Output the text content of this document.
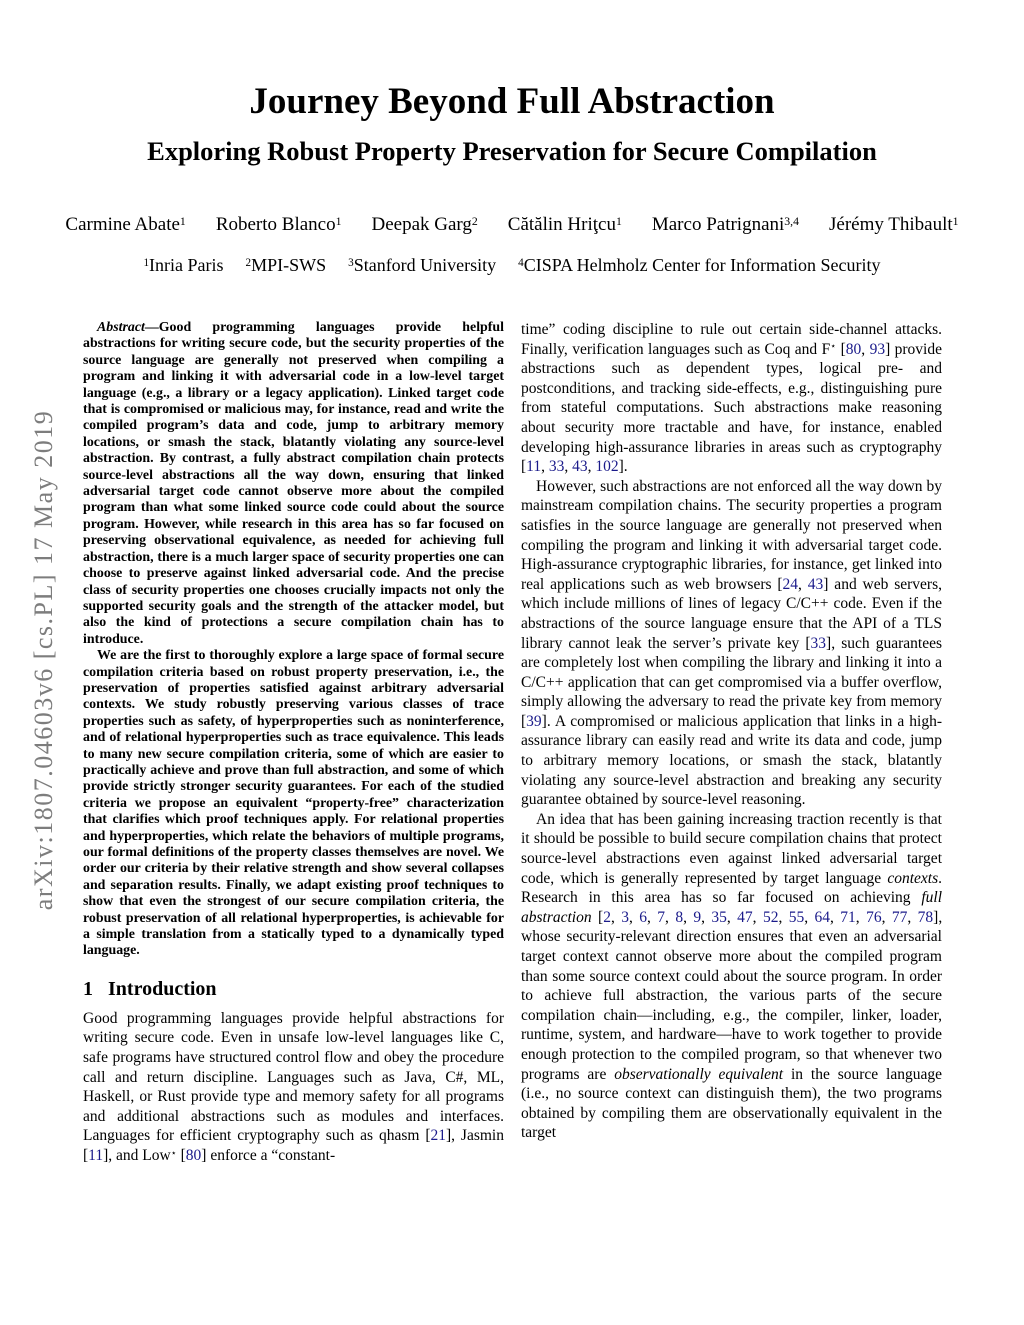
arXiv:1807.04603v6 [cs.PL] 17 May 2019
Journey Beyond Full Abstraction
Exploring Robust Property Preservation for Secure Compilation
Carmine Abate$^1$ Roberto Blanco$^1$ Deepak Garg$^2$ Cătălin Hriţcu$^1$ Marco Patrignani$^{3,4}$ Jérémy Thibault$^1$
$^1$Inria Paris $^2$MPI-SWS $^3$Stanford University $^4$CISPA Helmholz Center for Information Security

Abstract—Good programming languages provide helpful abstractions for writing secure code, but the security properties of the source language are generally not preserved when compiling a program and linking it with adversarial code in a low-level target language (e.g., a library or a legacy application). Linked target code that is compromised or malicious may, for instance, read and write the compiled program’s data and code, jump to arbitrary memory locations, or smash the stack, blatantly violating any source-level abstraction. By contrast, a fully abstract compilation chain protects source-level abstractions all the way down, ensuring that linked adversarial target code cannot observe more about the compiled program than what some linked source code could about the source program. However, while research in this area has so far focused on preserving observational equivalence, as needed for achieving full abstraction, there is a much larger space of security properties one can choose to preserve against linked adversarial code. And the precise class of security properties one chooses crucially impacts not only the supported security goals and the strength of the attacker model, but also the kind of protections a secure compilation chain has to introduce.

We are the first to thoroughly explore a large space of formal secure compilation criteria based on robust property preservation, i.e., the preservation of properties satisfied against arbitrary adversarial contexts. We study robustly preserving various classes of trace properties such as safety, of hyperproperties such as noninterference, and of relational hyperproperties such as trace equivalence. This leads to many new secure compilation criteria, some of which are easier to practically achieve and prove than full abstraction, and some of which provide strictly stronger security guarantees. For each of the studied criteria we propose an equivalent “property-free” characterization that clarifies which proof techniques apply. For relational properties and hyperproperties, which relate the behaviors of multiple programs, our formal definitions of the property classes themselves are novel. We order our criteria by their relative strength and show several collapses and separation results. Finally, we adapt existing proof techniques to show that even the strongest of our secure compilation criteria, the robust preservation of all relational hyperproperties, is achievable for a simple translation from a statically typed to a dynamically typed language.

1 Introduction

Good programming languages provide helpful abstractions for writing secure code. Even in unsafe low-level languages like C, safe programs have structured control flow and obey the procedure call and return discipline. Languages such as Java, C#, ML, Haskell, or Rust provide type and memory safety for all programs and additional abstractions such as modules and interfaces. Languages for efficient cryptography such as qhasm [21], Jasmin [11], and Low⋆ [80] enforce a “constant-

time” coding discipline to rule out certain side-channel attacks. Finally, verification languages such as Coq and F⋆ [80, 93] provide abstractions such as dependent types, logical pre- and postconditions, and tracking side-effects, e.g., distinguishing pure from stateful computations. Such abstractions make reasoning about security more tractable and have, for instance, enabled developing high-assurance libraries in areas such as cryptography [11, 33, 43, 102].

However, such abstractions are not enforced all the way down by mainstream compilation chains. The security properties a program satisfies in the source language are generally not preserved when compiling the program and linking it with adversarial target code. High-assurance cryptographic libraries, for instance, get linked into real applications such as web browsers [24, 43] and web servers, which include millions of lines of legacy C/C++ code. Even if the abstractions of the source language ensure that the API of a TLS library cannot leak the server’s private key [33], such guarantees are completely lost when compiling the library and linking it into a C/C++ application that can get compromised via a buffer overflow, simply allowing the adversary to read the private key from memory [39]. A compromised or malicious application that links in a high-assurance library can easily read and write its data and code, jump to arbitrary memory locations, or smash the stack, blatantly violating any source-level abstraction and breaking any security guarantee obtained by source-level reasoning.

An idea that has been gaining increasing traction recently is that it should be possible to build secure compilation chains that protect source-level abstractions even against linked adversarial target code, which is generally represented by target language contexts. Research in this area has so far focused on achieving full abstraction [2, 3, 6, 7, 8, 9, 35, 47, 52, 55, 64, 71, 76, 77, 78], whose security-relevant direction ensures that even an adversarial target context cannot observe more about the compiled program than some source context could about the source program. In order to achieve full abstraction, the various parts of the secure compilation chain—including, e.g., the compiler, linker, loader, runtime, system, and hardware—have to work together to provide enough protection to the compiled program, so that whenever two programs are observationally equivalent in the source language (i.e., no source context can distinguish them), the two programs obtained by compiling them are observationally equivalent in the target
